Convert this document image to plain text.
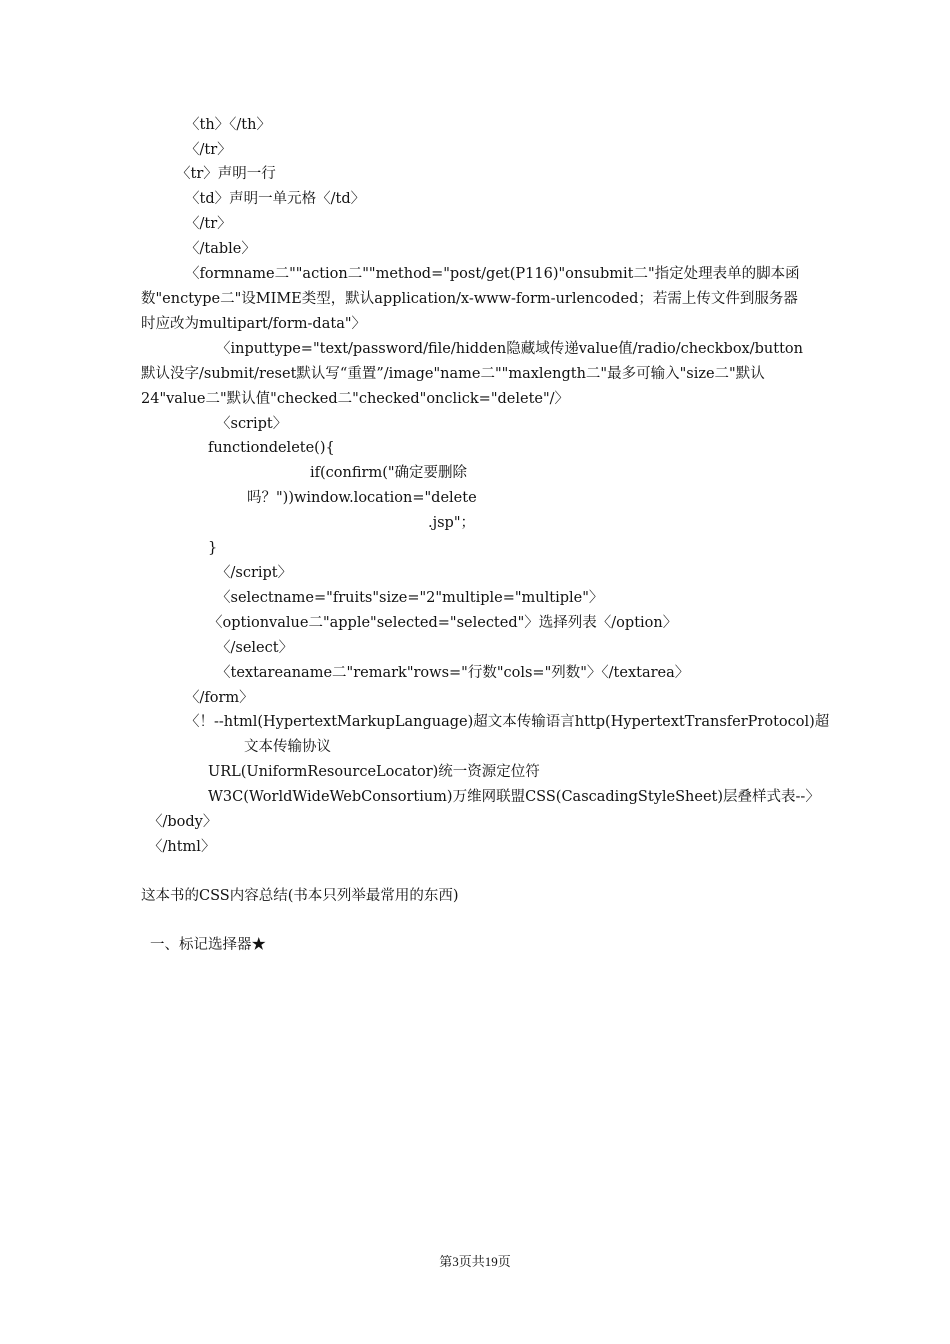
〈th〉〈/th〉
〈/tr〉
〈tr〉声明一行
〈td〉声明一单元格〈/td〉
〈/tr〉
〈/table〉
〈formname二""action二""method="post/get(P116)"onsubmit二"指定处理表单的脚本函
数"enctype二"设MIME类型，默认application/x-www-form-urlencoded；若需上传文件到服务器
时应改为multipart/form-data"〉
〈inputtype="text/password/file/hidden隐藏域传递value值/radio/checkbox/button
默认没字/submit/reset默认写“重置”/image"name二""maxlength二"最多可输入"size二"默认
24"value二"默认值"checked二"checked"onclick="delete"/〉
〈script〉
functiondelete(){
if(confirm("确定要删除
吗？"))window.location="delete
.jsp"；
}
〈/script〉
〈selectname="fruits"size="2"multiple="multiple"〉
〈optionvalue二"apple"selected="selected"〉选择列表〈/option〉
〈/select〉
〈textareaname二"remark"rows="行数"cols="列数"〉〈/textarea〉
〈/form〉
〈！--html(HypertextMarkupLanguage)超文本传输语言http(HypertextTransferProtocol)超
文本传输协议
URL(UniformResourceLocator)统一资源定位符
W3C(WorldWideWebConsortium)万维网联盟CSS(CascadingStyleSheet)层叠样式表--〉
〈/body〉
〈/html〉
这本书的CSS内容总结(书本只列举最常用的东西)
一、标记选择器★
第3页共19页
